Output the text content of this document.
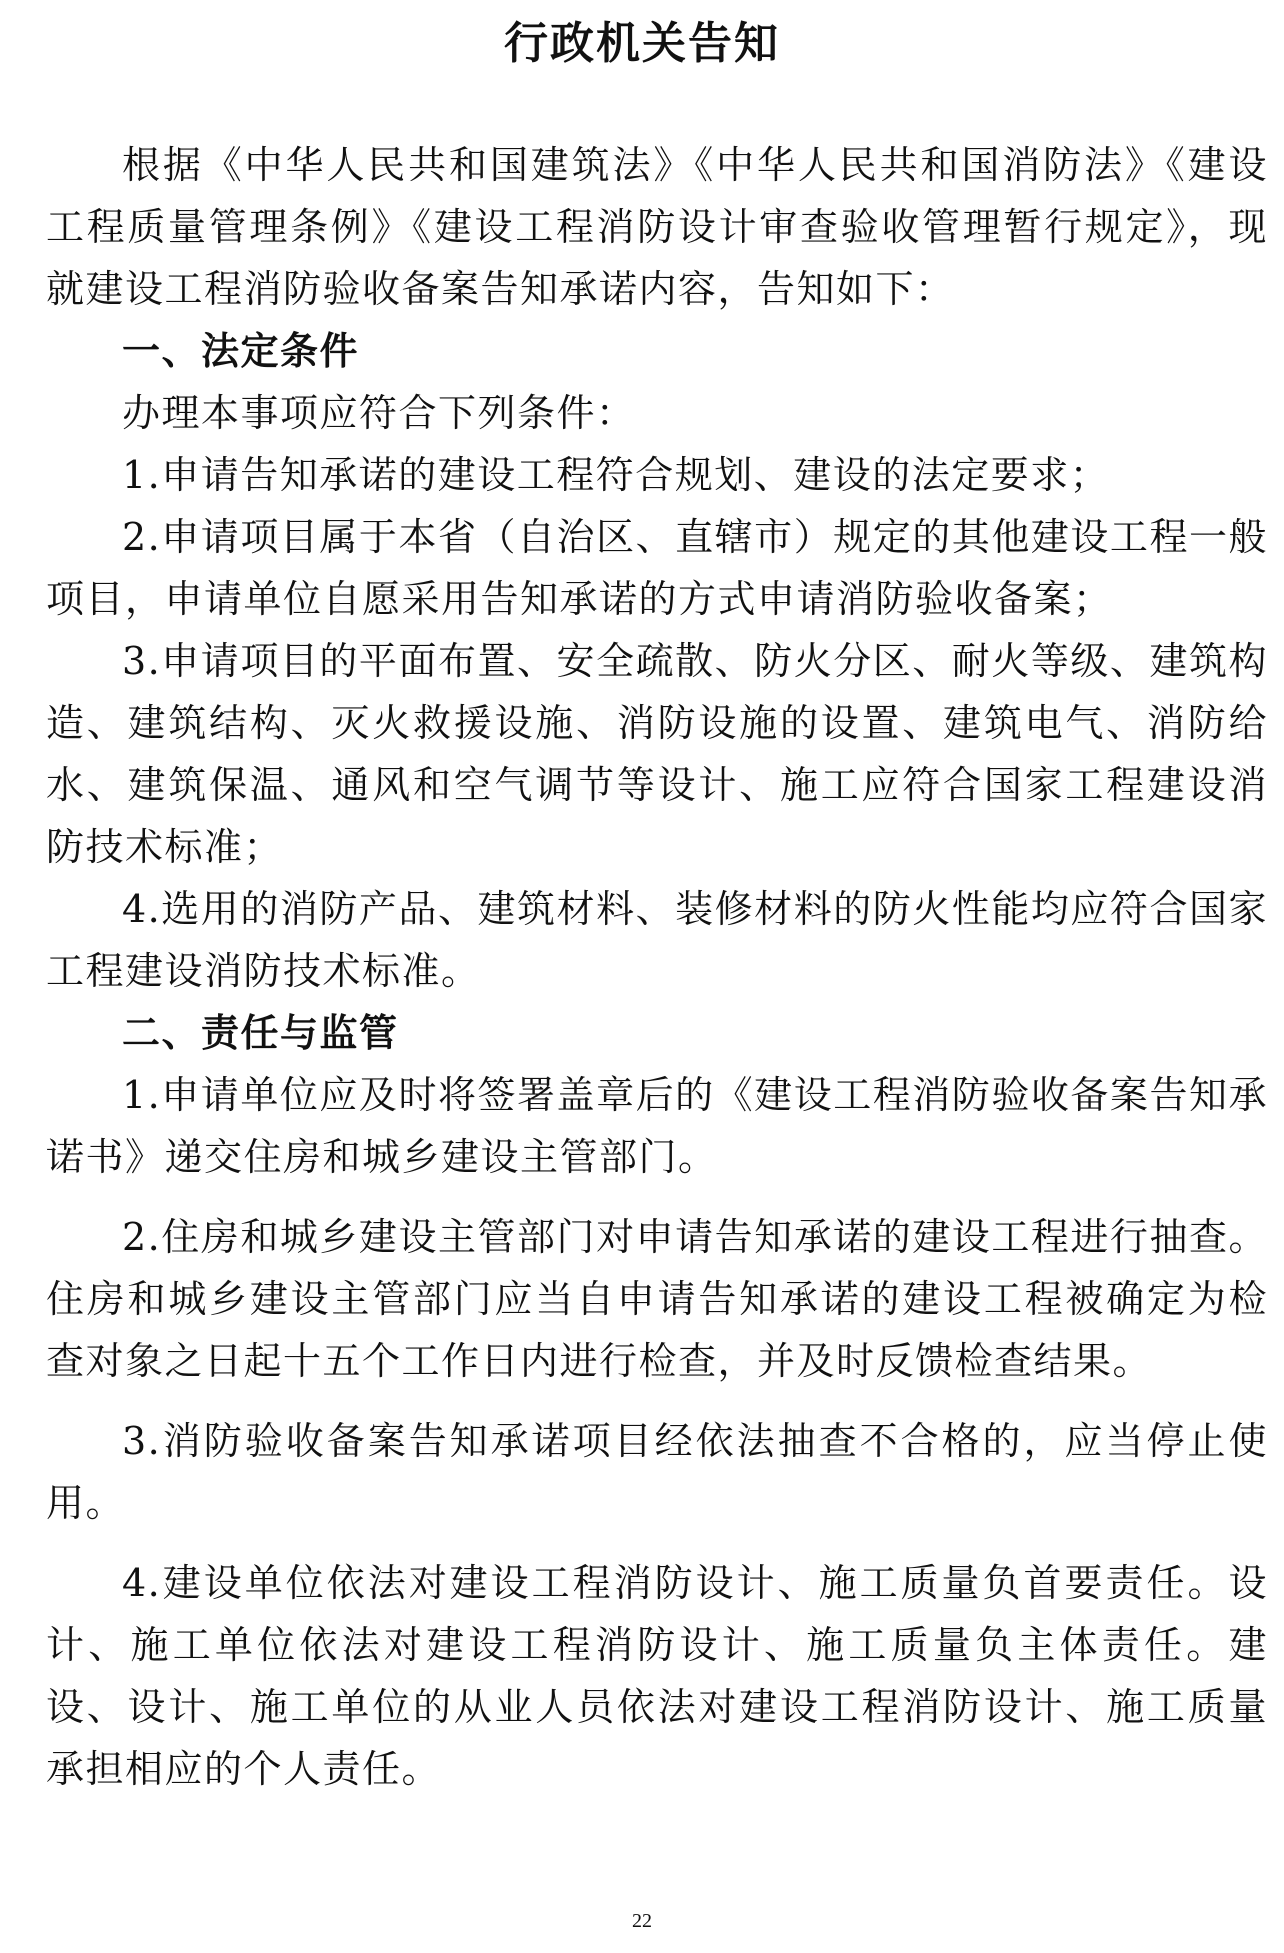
行政机关告知

根据《中华人民共和国建筑法》《中华人民共和国消防法》《建设工程质量管理条例》《建设工程消防设计审查验收管理暂行规定》，现就建设工程消防验收备案告知承诺内容，告知如下：

一、法定条件

办理本事项应符合下列条件：

1.申请告知承诺的建设工程符合规划、建设的法定要求；

2.申请项目属于本省（自治区、直辖市）规定的其他建设工程一般项目，申请单位自愿采用告知承诺的方式申请消防验收备案；

3.申请项目的平面布置、安全疏散、防火分区、耐火等级、建筑构造、建筑结构、灭火救援设施、消防设施的设置、建筑电气、消防给水、建筑保温、通风和空气调节等设计、施工应符合国家工程建设消防技术标准；

4.选用的消防产品、建筑材料、装修材料的防火性能均应符合国家工程建设消防技术标准。

二、责任与监管

1.申请单位应及时将签署盖章后的《建设工程消防验收备案告知承诺书》递交住房和城乡建设主管部门。

2.住房和城乡建设主管部门对申请告知承诺的建设工程进行抽查。住房和城乡建设主管部门应当自申请告知承诺的建设工程被确定为检查对象之日起十五个工作日内进行检查，并及时反馈检查结果。

3.消防验收备案告知承诺项目经依法抽查不合格的，应当停止使用。

4.建设单位依法对建设工程消防设计、施工质量负首要责任。设计、施工单位依法对建设工程消防设计、施工质量负主体责任。建设、设计、施工单位的从业人员依法对建设工程消防设计、施工质量承担相应的个人责任。

22
